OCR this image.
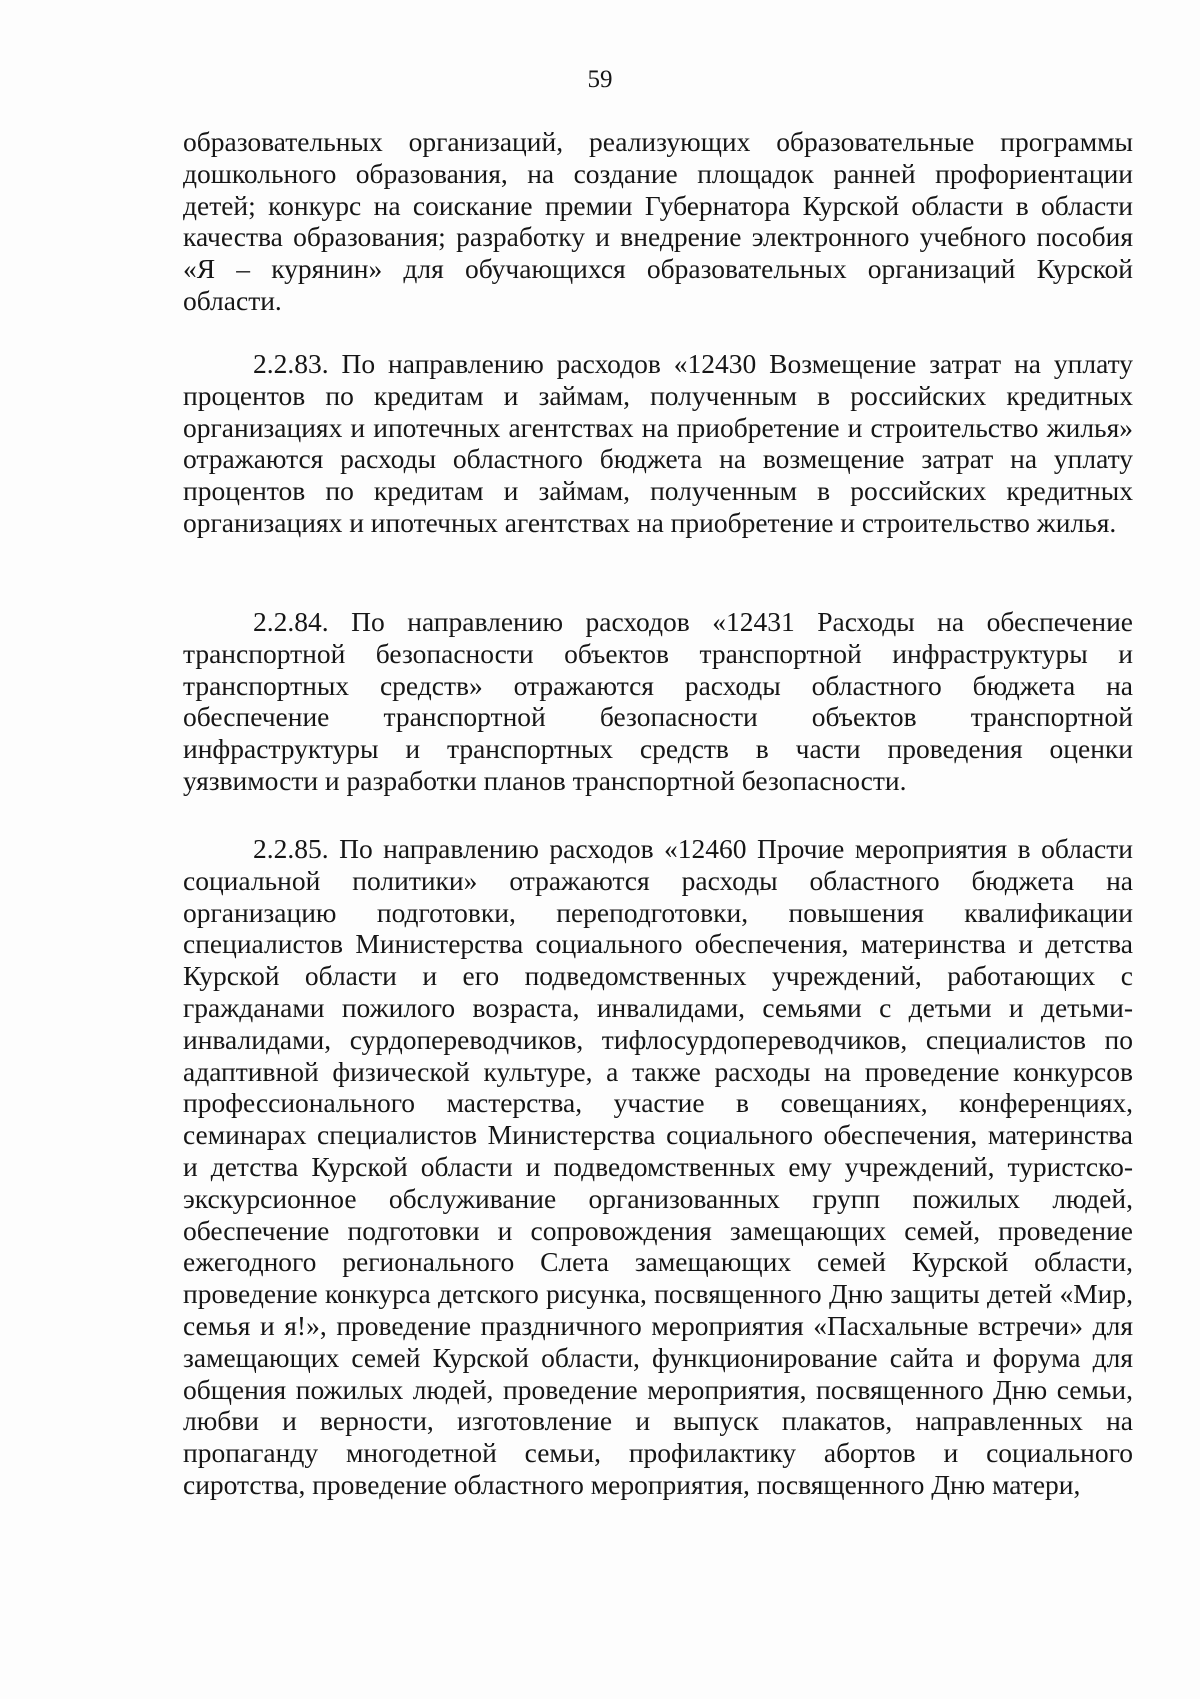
59

образовательных организаций, реализующих образовательные программы дошкольного образования, на создание площадок ранней профориентации детей; конкурс на соискание премии Губернатора Курской области в области качества образования; разработку и внедрение электронного учебного пособия «Я – курянин» для обучающихся образовательных организаций Курской области.

2.2.83. По направлению расходов «12430 Возмещение затрат на уплату процентов по кредитам и займам, полученным в российских кредитных организациях и ипотечных агентствах на приобретение и строительство жилья» отражаются расходы областного бюджета на возмещение затрат на уплату процентов по кредитам и займам, полученным в российских кредитных организациях и ипотечных агентствах на приобретение и строительство жилья.

2.2.84. По направлению расходов «12431 Расходы на обеспечение транспортной безопасности объектов транспортной инфраструктуры и транспортных средств» отражаются расходы областного бюджета на обеспечение транспортной безопасности объектов транспортной инфраструктуры и транспортных средств в части проведения оценки уязвимости и разработки планов транспортной безопасности.

2.2.85. По направлению расходов «12460 Прочие мероприятия в области социальной политики» отражаются расходы областного бюджета на организацию подготовки, переподготовки, повышения квалификации специалистов Министерства социального обеспечения, материнства и детства Курской области и его подведомственных учреждений, работающих с гражданами пожилого возраста, инвалидами, семьями с детьми и детьми-инвалидами, сурдопереводчиков, тифлосурдопереводчиков, специалистов по адаптивной физической культуре, а также расходы на проведение конкурсов профессионального мастерства, участие в совещаниях, конференциях, семинарах специалистов Министерства социального обеспечения, материнства и детства Курской области и подведомственных ему учреждений, туристско-экскурсионное обслуживание организованных групп пожилых людей, обеспечение подготовки и сопровождения замещающих семей, проведение ежегодного регионального Слета замещающих семей Курской области, проведение конкурса детского рисунка, посвященного Дню защиты детей «Мир, семья и я!», проведение праздничного мероприятия «Пасхальные встречи» для замещающих семей Курской области, функционирование сайта и форума для общения пожилых людей, проведение мероприятия, посвященного Дню семьи, любви и верности, изготовление и выпуск плакатов, направленных на пропаганду многодетной семьи, профилактику абортов и социального сиротства, проведение областного мероприятия, посвященного Дню матери,
